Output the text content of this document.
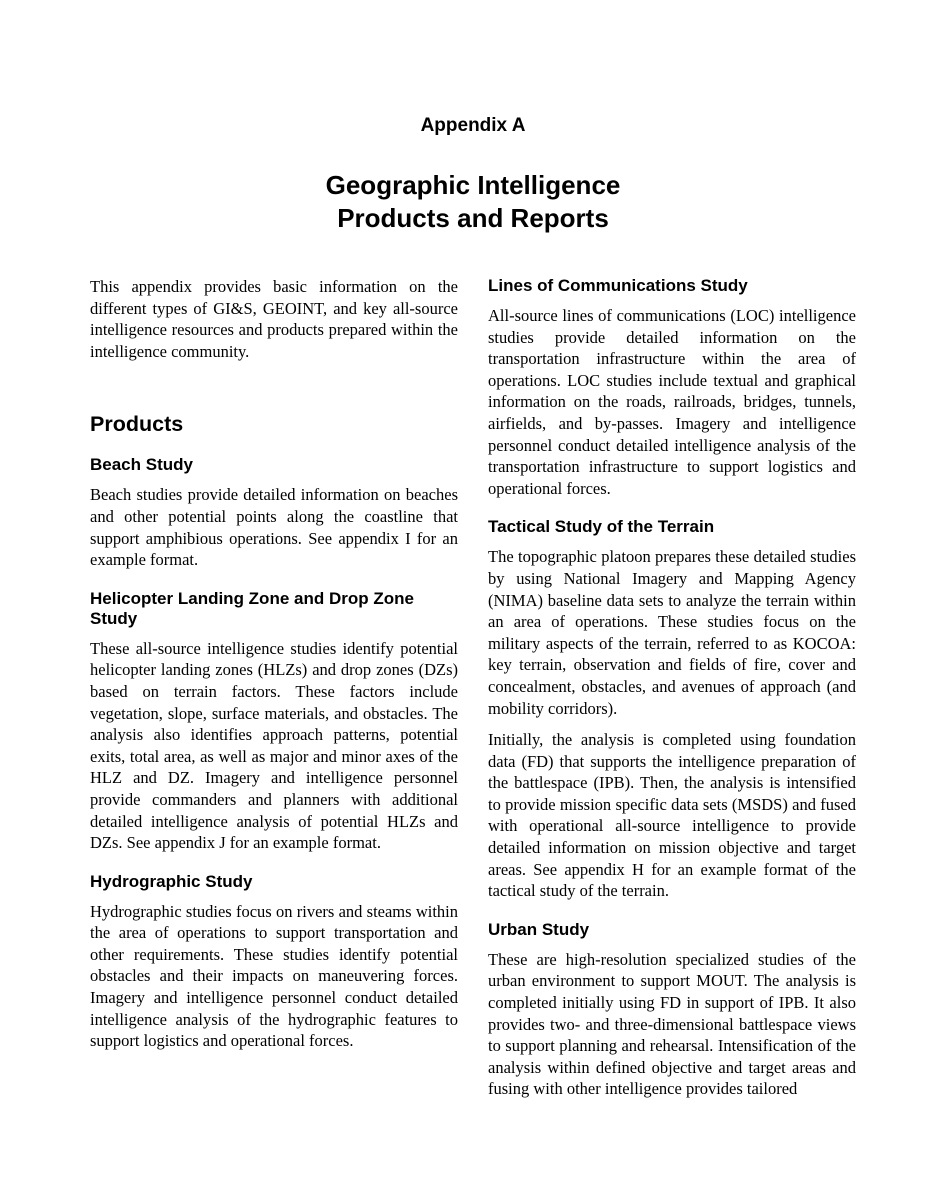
Appendix A
Geographic Intelligence
Products and Reports

This appendix provides basic information on the different types of GI&S, GEOINT, and key all-source intelligence resources and products prepared within the intelligence community.

Products
Beach Study

Beach studies provide detailed information on beaches and other potential points along the coastline that support amphibious operations. See appendix I for an example format.

Helicopter Landing Zone and Drop Zone Study

These all-source intelligence studies identify potential helicopter landing zones (HLZs) and drop zones (DZs) based on terrain factors. These factors include vegetation, slope, surface materials, and obstacles. The analysis also identifies approach patterns, potential exits, total area, as well as major and minor axes of the HLZ and DZ. Imagery and intelligence personnel provide commanders and planners with additional detailed intelligence analysis of potential HLZs and DZs. See appendix J for an example format.

Hydrographic Study

Hydrographic studies focus on rivers and steams within the area of operations to support transportation and other requirements. These studies identify potential obstacles and their impacts on maneuvering forces. Imagery and intelligence personnel conduct detailed intelligence analysis of the hydrographic features to support logistics and operational forces.

Lines of Communications Study

All-source lines of communications (LOC) intelligence studies provide detailed information on the transportation infrastructure within the area of operations. LOC studies include textual and graphical information on the roads, railroads, bridges, tunnels, airfields, and by-passes. Imagery and intelligence personnel conduct detailed intelligence analysis of the transportation infrastructure to support logistics and operational forces.

Tactical Study of the Terrain

The topographic platoon prepares these detailed studies by using National Imagery and Mapping Agency (NIMA) baseline data sets to analyze the terrain within an area of operations. These studies focus on the military aspects of the terrain, referred to as KOCOA: key terrain, observation and fields of fire, cover and concealment, obstacles, and avenues of approach (and mobility corridors).

Initially, the analysis is completed using foundation data (FD) that supports the intelligence preparation of the battlespace (IPB). Then, the analysis is intensified to provide mission specific data sets (MSDS) and fused with operational all-source intelligence to provide detailed information on mission objective and target areas. See appendix H for an example format of the tactical study of the terrain.

Urban Study

These are high-resolution specialized studies of the urban environment to support MOUT. The analysis is completed initially using FD in support of IPB. It also provides two- and three-dimensional battlespace views to support planning and rehearsal. Intensification of the analysis within defined objective and target areas and fusing with other intelligence provides tailored
